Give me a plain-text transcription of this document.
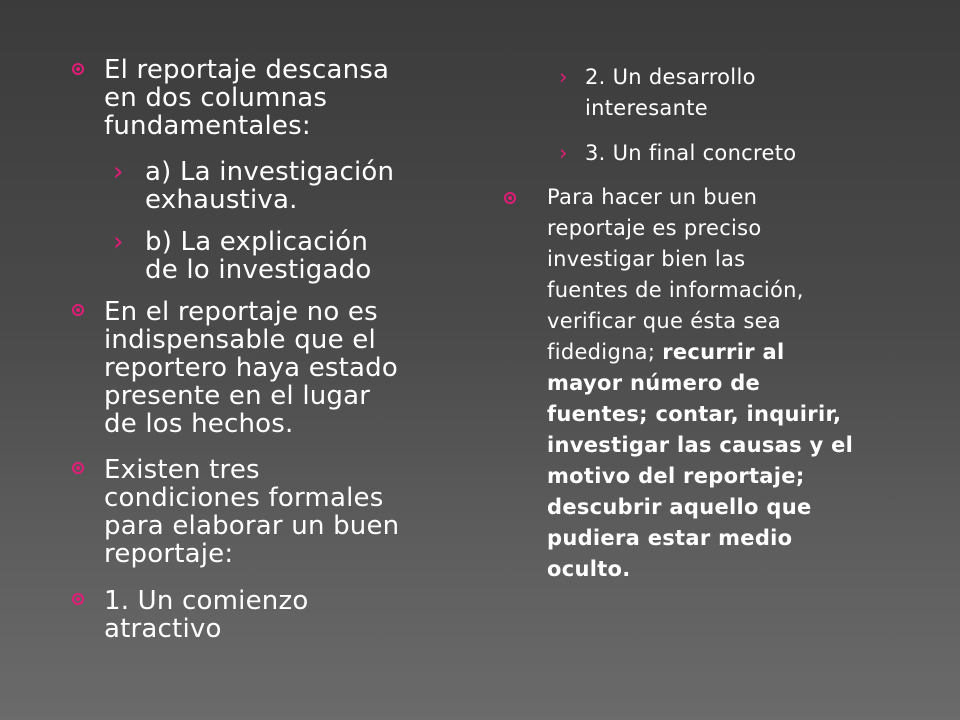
El reportaje descansa
en dos columnas
fundamentales:
› a) La investigación
exhaustiva.
› b) La explicación
de lo investigado
En el reportaje no es
indispensable que el
reportero haya estado
presente en el lugar
de los hechos.
Existen tres
condiciones formales
para elaborar un buen
reportaje:
1. Un comienzo
atractivo
› 2. Un desarrollo
interesante
› 3. Un final concreto
Para hacer un buen
reportaje es preciso
investigar bien las
fuentes de información,
verificar que ésta sea
fidedigna; recurrir al
mayor número de
fuentes; contar, inquirir,
investigar las causas y el
motivo del reportaje;
descubrir aquello que
pudiera estar medio
oculto.
